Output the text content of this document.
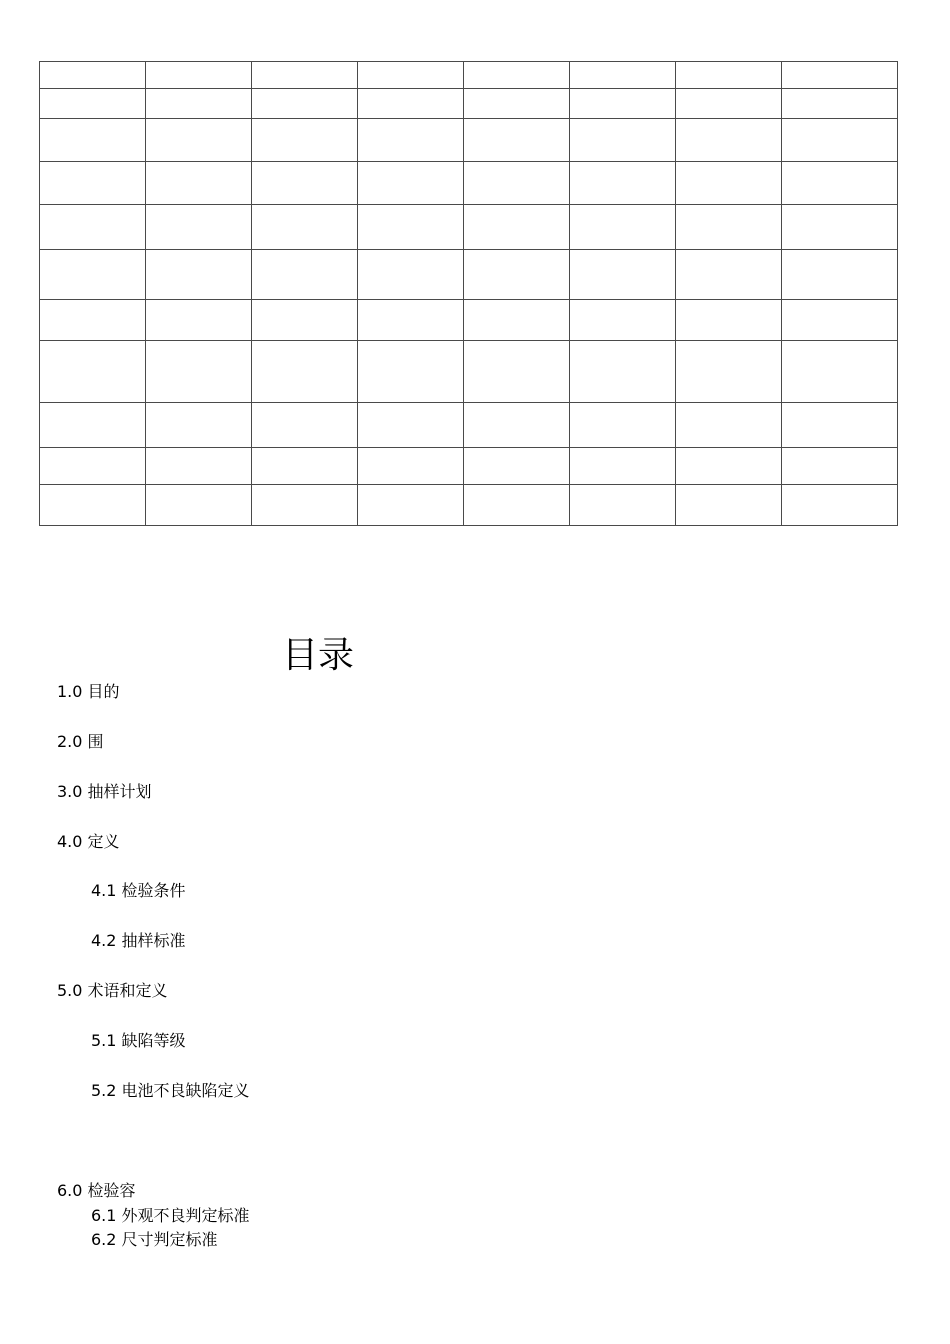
目录
1.0 目的
2.0 围
3.0 抽样计划
4.0 定义
4.1 检验条件
4.2 抽样标准
5.0 术语和定义
5.1 缺陷等级
5.2 电池不良缺陷定义
6.0 检验容
6.1 外观不良判定标准
6.2 尺寸判定标准
